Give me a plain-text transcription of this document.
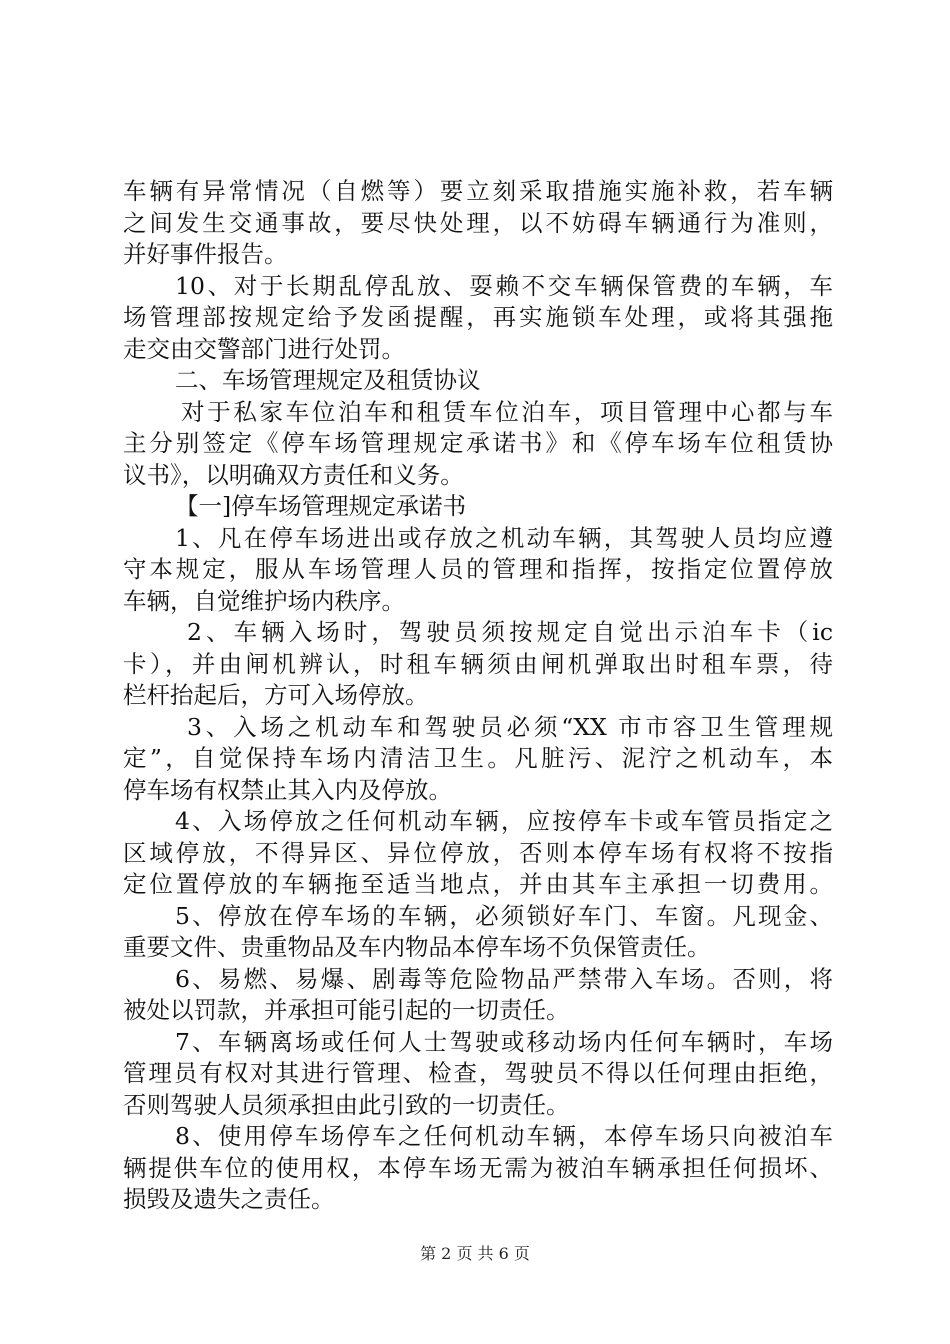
车辆有异常情况（自燃等）要立刻采取措施实施补救，若车辆
之间发生交通事故，要尽快处理，以不妨碍车辆通行为准则，
并好事件报告。
10、对于长期乱停乱放、耍赖不交车辆保管费的车辆，车
场管理部按规定给予发函提醒，再实施锁车处理，或将其强拖
走交由交警部门进行处罚。
二、车场管理规定及租赁协议
对于私家车位泊车和租赁车位泊车，项目管理中心都与车
主分别签定《停车场管理规定承诺书》和《停车场车位租赁协
议书》，以明确双方责任和义务。
【一]停车场管理规定承诺书
1、凡在停车场进出或存放之机动车辆，其驾驶人员均应遵
守本规定，服从车场管理人员的管理和指挥，按指定位置停放
车辆，自觉维护场内秩序。
2、车辆入场时，驾驶员须按规定自觉出示泊车卡（ic
卡），并由闸机辨认，时租车辆须由闸机弹取出时租车票，待
栏杆抬起后，方可入场停放。
3、入场之机动车和驾驶员必须“XX 市市容卫生管理规
定”，自觉保持车场内清洁卫生。凡脏污、泥泞之机动车，本
停车场有权禁止其入内及停放。
4、入场停放之任何机动车辆，应按停车卡或车管员指定之
区域停放，不得异区、异位停放，否则本停车场有权将不按指
定位置停放的车辆拖至适当地点，并由其车主承担一切费用。
5、停放在停车场的车辆，必须锁好车门、车窗。凡现金、
重要文件、贵重物品及车内物品本停车场不负保管责任。
6、易燃、易爆、剧毒等危险物品严禁带入车场。否则，将
被处以罚款，并承担可能引起的一切责任。
7、车辆离场或任何人士驾驶或移动场内任何车辆时，车场
管理员有权对其进行管理、检查，驾驶员不得以任何理由拒绝，
否则驾驶人员须承担由此引致的一切责任。
8、使用停车场停车之任何机动车辆，本停车场只向被泊车
辆提供车位的使用权，本停车场无需为被泊车辆承担任何损坏、
损毁及遗失之责任。
第 2 页 共 6 页
